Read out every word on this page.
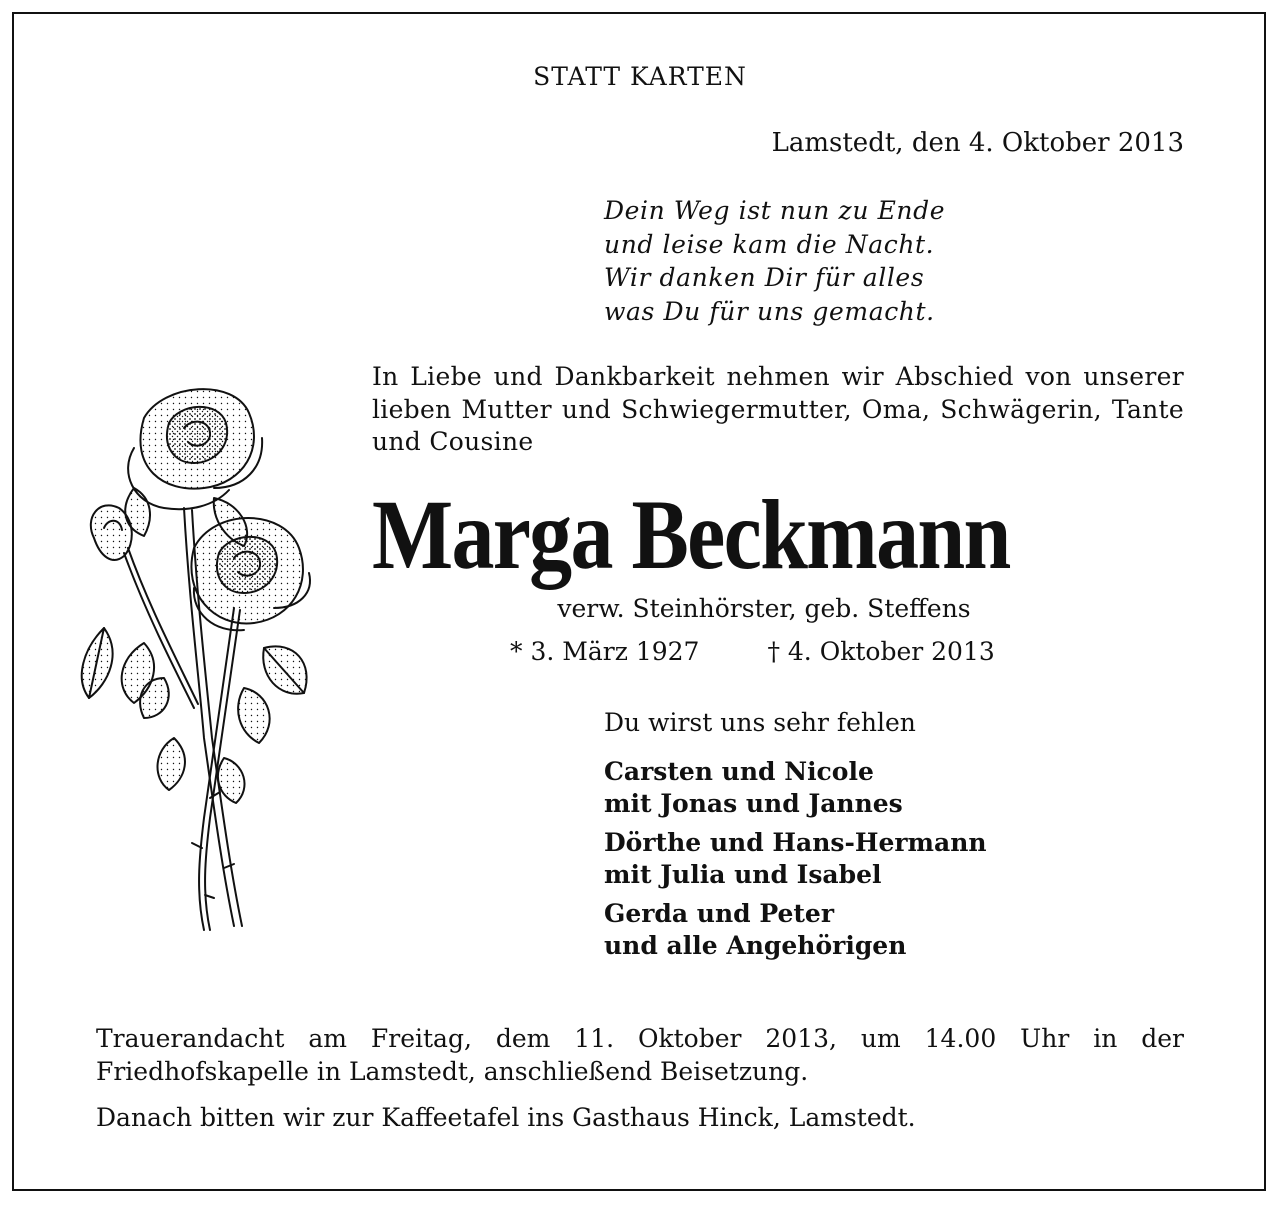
STATT KARTEN

Lamstedt, den 4. Oktober 2013

Dein Weg ist nun zu Ende
und leise kam die Nacht.
Wir danken Dir für alles
was Du für uns gemacht.

In Liebe und Dankbarkeit nehmen wir Abschied von unserer lieben Mutter und Schwiegermutter, Oma, Schwägerin, Tante und Cousine

Marga Beckmann

verw. Steinhörster, geb. Steffens

* 3. März 1927	† 4. Oktober 2013

Du wirst uns sehr fehlen

Carsten und Nicole
mit Jonas und Jannes
Dörthe und Hans-Hermann
mit Julia und Isabel
Gerda und Peter
und alle Angehörigen

Trauerandacht am Freitag, dem 11. Oktober 2013, um 14.00 Uhr in der Friedhofskapelle in Lamstedt, anschließend Beisetzung.

Danach bitten wir zur Kaffeetafel ins Gasthaus Hinck, Lamstedt.
